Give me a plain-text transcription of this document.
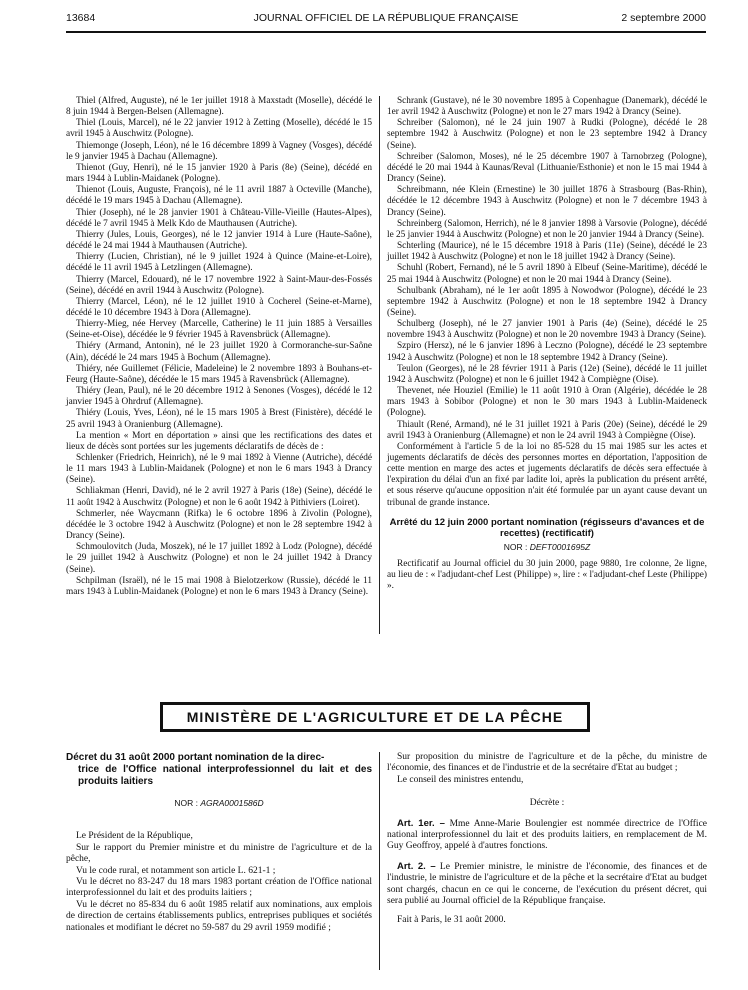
13684	JOURNAL OFFICIEL DE LA RÉPUBLIQUE FRANÇAISE	2 septembre 2000

Thiel (Alfred, Auguste), né le 1er juillet 1918 à Maxstadt (Moselle), décédé le 8 juin 1944 à Bergen-Belsen (Allemagne).

Thiel (Louis, Marcel), né le 22 janvier 1912 à Zetting (Moselle), décédé le 15 avril 1945 à Auschwitz (Pologne).

Thiemonge (Joseph, Léon), né le 16 décembre 1899 à Vagney (Vosges), décédé le 9 janvier 1945 à Dachau (Allemagne).

Thienot (Guy, Henri), né le 15 janvier 1920 à Paris (8e) (Seine), décédé en mars 1944 à Lublin-Maidanek (Pologne).

Thienot (Louis, Auguste, François), né le 11 avril 1887 à Octeville (Manche), décédé le 19 mars 1945 à Dachau (Allemagne).

Thier (Joseph), né le 28 janvier 1901 à Château-Ville-Vieille (Hautes-Alpes), décédé le 7 avril 1945 à Melk Kdo de Mauthausen (Autriche).

Thierry (Jules, Louis, Georges), né le 12 janvier 1914 à Lure (Haute-Saône), décédé le 24 mai 1944 à Mauthausen (Autriche).

Thierry (Lucien, Christian), né le 9 juillet 1924 à Quince (Maine-et-Loire), décédé le 11 avril 1945 à Letzlingen (Allemagne).

Thierry (Marcel, Edouard), né le 17 novembre 1922 à Saint-Maur-des-Fossés (Seine), décédé en avril 1944 à Auschwitz (Pologne).

Thierry (Marcel, Léon), né le 12 juillet 1910 à Cocherel (Seine-et-Marne), décédé le 10 décembre 1943 à Dora (Allemagne).

Thierry-Mieg, née Hervey (Marcelle, Catherine) le 11 juin 1885 à Versailles (Seine-et-Oise), décédée le 9 février 1945 à Ravensbrück (Allemagne).

Thiéry (Armand, Antonin), né le 23 juillet 1920 à Cormoranche-sur-Saône (Ain), décédé le 24 mars 1945 à Bochum (Allemagne).

Thiéry, née Guillemet (Félicie, Madeleine) le 2 novembre 1893 à Bouhans-et-Feurg (Haute-Saône), décédée le 15 mars 1945 à Ravensbrück (Allemagne).

Thiéry (Jean, Paul), né le 20 décembre 1912 à Senones (Vosges), décédé le 12 janvier 1945 à Ohrdruf (Allemagne).

Thiéry (Louis, Yves, Léon), né le 15 mars 1905 à Brest (Finistère), décédé le 25 avril 1943 à Oranienburg (Allemagne).

La mention « Mort en déportation » ainsi que les rectifications des dates et lieux de décès sont portées sur les jugements déclaratifs de décès de :

Schlenker (Friedrich, Heinrich), né le 9 mai 1892 à Vienne (Autriche), décédé le 11 mars 1943 à Lublin-Maidanek (Pologne) et non le 6 mars 1943 à Drancy (Seine).

Schliakman (Henri, David), né le 2 avril 1927 à Paris (18e) (Seine), décédé le 11 août 1942 à Auschwitz (Pologne) et non le 6 août 1942 à Pithiviers (Loiret).

Schmerler, née Waycmann (Rifka) le 6 octobre 1896 à Zivolin (Pologne), décédée le 3 octobre 1942 à Auschwitz (Pologne) et non le 28 septembre 1942 à Drancy (Seine).

Schmoulovitch (Juda, Moszek), né le 17 juillet 1892 à Lodz (Pologne), décédé le 29 juillet 1942 à Auschwitz (Pologne) et non le 24 juillet 1942 à Drancy (Seine).

Schpilman (Israël), né le 15 mai 1908 à Bielotzerkow (Russie), décédé le 11 mars 1943 à Lublin-Maidanek (Pologne) et non le 6 mars 1943 à Drancy (Seine).

Schrank (Gustave), né le 30 novembre 1895 à Copenhague (Danemark), décédé le 1er avril 1942 à Auschwitz (Pologne) et non le 27 mars 1942 à Drancy (Seine).

Schreiber (Salomon), né le 24 juin 1907 à Rudki (Pologne), décédé le 28 septembre 1942 à Auschwitz (Pologne) et non le 23 septembre 1942 à Drancy (Seine).

Schreiber (Salomon, Moses), né le 25 décembre 1907 à Tarnobrzeg (Pologne), décédé le 20 mai 1944 à Kaunas/Reval (Lithuanie/Esthonie) et non le 15 mai 1944 à Drancy (Seine).

Schreibmann, née Klein (Ernestine) le 30 juillet 1876 à Strasbourg (Bas-Rhin), décédée le 12 décembre 1943 à Auschwitz (Pologne) et non le 7 décembre 1943 à Drancy (Seine).

Schreinberg (Salomon, Herrich), né le 8 janvier 1898 à Varsovie (Pologne), décédé le 25 janvier 1944 à Auschwitz (Pologne) et non le 20 janvier 1944 à Drancy (Seine).

Schterling (Maurice), né le 15 décembre 1918 à Paris (11e) (Seine), décédé le 23 juillet 1942 à Auschwitz (Pologne) et non le 18 juillet 1942 à Drancy (Seine).

Schuhl (Robert, Fernand), né le 5 avril 1890 à Elbeuf (Seine-Maritime), décédé le 25 mai 1944 à Auschwitz (Pologne) et non le 20 mai 1944 à Drancy (Seine).

Schulbank (Abraham), né le 1er août 1895 à Nowodwor (Pologne), décédé le 23 septembre 1942 à Auschwitz (Pologne) et non le 18 septembre 1942 à Drancy (Seine).

Schulberg (Joseph), né le 27 janvier 1901 à Paris (4e) (Seine), décédé le 25 novembre 1943 à Auschwitz (Pologne) et non le 20 novembre 1943 à Drancy (Seine).

Szpiro (Hersz), né le 6 janvier 1896 à Leczno (Pologne), décédé le 23 septembre 1942 à Auschwitz (Pologne) et non le 18 septembre 1942 à Drancy (Seine).

Teulon (Georges), né le 28 février 1911 à Paris (12e) (Seine), décédé le 11 juillet 1942 à Auschwitz (Pologne) et non le 6 juillet 1942 à Compiègne (Oise).

Thevenet, née Houziel (Emilie) le 11 août 1910 à Oran (Algérie), décédée le 28 mars 1943 à Sobibor (Pologne) et non le 30 mars 1943 à Lublin-Maideneck (Pologne).

Thiault (René, Armand), né le 31 juillet 1921 à Paris (20e) (Seine), décédé le 29 avril 1943 à Oranienburg (Allemagne) et non le 24 avril 1943 à Compiègne (Oise).

Conformément à l'article 5 de la loi no 85-528 du 15 mai 1985 sur les actes et jugements déclaratifs de décès des personnes mortes en déportation, l'apposition de cette mention en marge des actes et jugements déclaratifs de décès sera effectuée à l'expiration du délai d'un an fixé par ladite loi, après la publication du présent arrêté, et sous réserve qu'aucune opposition n'ait été formulée par un ayant cause devant un tribunal de grande instance.

Arrêté du 12 juin 2000 portant nomination (régisseurs d'avances et de recettes) (rectificatif)
NOR : DEFT0001695Z

Rectificatif au Journal officiel du 30 juin 2000, page 9880, 1re colonne, 2e ligne, au lieu de : « l'adjudant-chef Lest (Philippe) », lire : « l'adjudant-chef Leste (Philippe) ».

MINISTÈRE DE L'AGRICULTURE ET DE LA PÊCHE
Décret du 31 août 2000 portant nomination de la direc-
trice de l'Office national interprofessionnel du lait et des produits laitiers
NOR : AGRA0001586D

Le Président de la République,

Sur le rapport du Premier ministre et du ministre de l'agriculture et de la pêche,

Vu le code rural, et notamment son article L. 621-1 ;

Vu le décret no 83-247 du 18 mars 1983 portant création de l'Office national interprofessionnel du lait et des produits laitiers ;

Vu le décret no 85-834 du 6 août 1985 relatif aux nominations, aux emplois de direction de certains établissements publics, entreprises publiques et sociétés nationales et modifiant le décret no 59-587 du 29 avril 1959 modifié ;

Sur proposition du ministre de l'agriculture et de la pêche, du ministre de l'économie, des finances et de l'industrie et de la secrétaire d'Etat au budget ;

Le conseil des ministres entendu,

Décrète :

Art. 1er. – Mme Anne-Marie Boulengier est nommée directrice de l'Office national interprofessionnel du lait et des produits laitiers, en remplacement de M. Guy Geoffroy, appelé à d'autres fonctions.

Art. 2. – Le Premier ministre, le ministre de l'économie, des finances et de l'industrie, le ministre de l'agriculture et de la pêche et la secrétaire d'Etat au budget sont chargés, chacun en ce qui le concerne, de l'exécution du présent décret, qui sera publié au Journal officiel de la République française.

Fait à Paris, le 31 août 2000.
